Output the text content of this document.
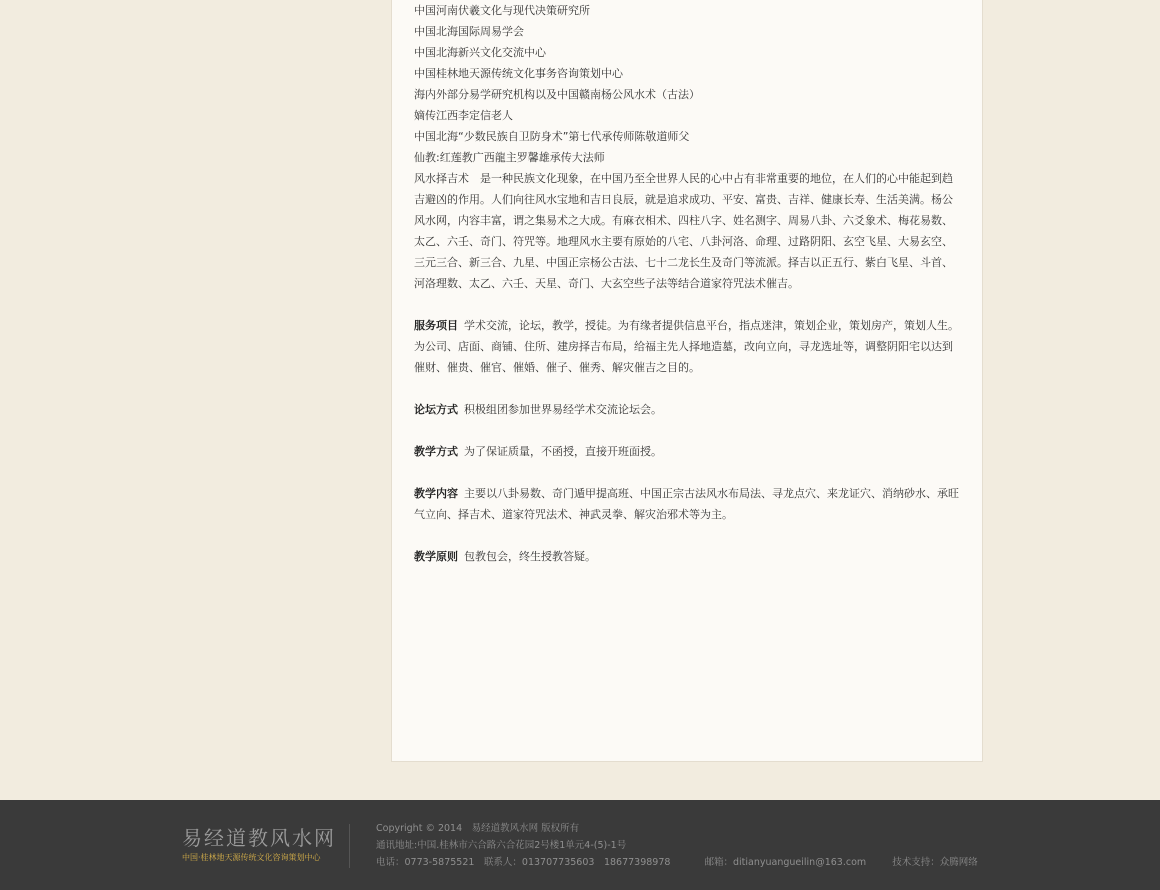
中国河南伏羲文化与现代决策研究所

中国北海国际周易学会

中国北海新兴文化交流中心

中国桂林地天源传统文化事务咨询策划中心

海内外部分易学研究机构以及中国赣南杨公风水术（古法）

嫡传江西李定信老人

中国北海“少数民族自卫防身术”第七代承传师陈敬道师父

仙教:红莲教广西龍主罗馨雄承传大法师

风水择吉术　是一种民族文化现象，在中国乃至全世界人民的心中占有非常重要的地位，在人们的心中能起到趋吉避凶的作用。人们向往风水宝地和吉日良辰，就是追求成功、平安、富贵、吉祥、健康长寿、生活美满。杨公风水网，内容丰富，谓之集易术之大成。有麻衣相术、四柱八字、姓名测字、周易八卦、六爻象术、梅花易数、太乙、六壬、奇门、符咒等。地理风水主要有原始的八宅、八卦河洛、命理、过路阴阳、玄空飞星、大易玄空、三元三合、新三合、九星、中国正宗杨公古法、七十二龙长生及奇门等流派。择吉以正五行、紫白飞星、斗首、河洛理数、太乙、六壬、天星、奇门、大玄空些子法等结合道家符咒法术催吉。

服务项目 学术交流，论坛，教学，授徒。为有缘者提供信息平台，指点迷津，策划企业，策划房产，策划人生。为公司、店面、商铺、住所、建房择吉布局，给福主先人择地造墓，改向立向，寻龙选址等，调整阴阳宅以达到催财、催贵、催官、催婚、催子、催秀、解灾催吉之目的。

论坛方式 积极组团参加世界易经学术交流论坛会。

教学方式 为了保证质量，不函授，直接开班面授。

教学内容 主要以八卦易数、奇门遁甲提高班、中国正宗古法风水布局法、寻龙点穴、来龙证穴、消纳砂水、承旺气立向、择吉术、道家符咒法术、神武灵拳、解灾治邪术等为主。

教学原则 包教包会，终生授教答疑。

易经道教风水网
中国·桂林地天源传统文化咨询策划中心
Copyright © 2014　易经道教风水网 版权所有
通讯地址:中国.桂林市六合路六合花园2号楼1单元4-(5)-1号
电话：0773-5875521　联系人：013707735603　18677398978	邮箱：ditianyuangueilin@163.com	技术支持：众腾网络
